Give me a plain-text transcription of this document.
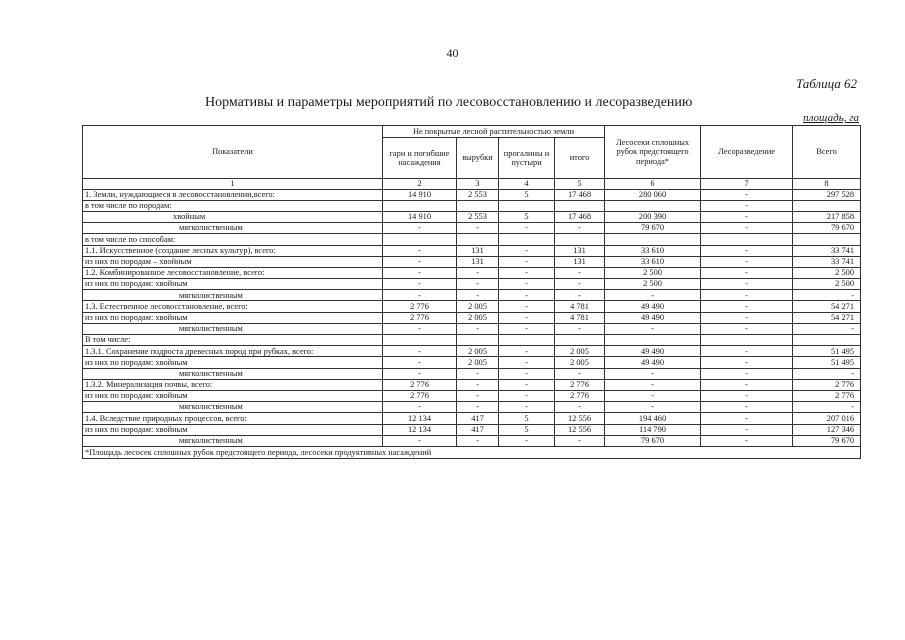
40
Таблица 62
Нормативы и параметры мероприятий по лесовосстановлению и лесоразведению
площадь, га
Показатели	Не покрытые лесной растительностью земли				Лесосеки сплошных рубок предстоящего периода*	Лесоразведение	Всего
	гари и погибшие насаждения	вырубки	прогалины и пустыри	итого			
1	2	3	4	5	6	7	8
1. Земли, нуждающиеся в лесовосстановлении,всего:	14 910	2 553	5	17 468	280 060	-	297 528
в том числе по породам:						-	
хвойным	14 910	2 553	5	17 468	200 390	-	217 858
мягколиственным	-	-	-	-	79 670	-	79 670
в том числе по способам:							
1.1. Искусственное (создание лесных культур), всего:	-	131	-	131	33 610	-	33 741
из них по породам – хвойным	-	131	-	131	33 610	-	33 741
1.2. Комбинированное лесовосстановление, всего:	-	-	-	-	2 500	-	2 500
из них по породам: хвойным	-	-	-	-	2 500	-	2 500
мягколиственным	-	-	-	-	-	-	-
1.3. Естественное лесовосстановление, всего:	2 776	2 005	-	4 781	49 490	-	54 271
из них по породам: хвойным	2 776	2 005	-	4 781	49 490	-	54 271
мягколиственным	-	-	-	-	-	-	-
В том числе:							
1.3.1. Сохранение подроста древесных пород при рубках, всего:	-	2 005	-	2 005	49 490	-	51 495
из них по породам: хвойным	-	2 005	-	2 005	49 490	-	51 495
мягколиственным	-	-	-	-	-	-	-
1.3.2. Минерализация почвы, всего:	2 776	-	-	2 776	-	-	2 776
из них по породам: хвойным	2 776	-	-	2 776	-	-	2 776
мягколиственным	-	-	-	-	-	-	-
1.4. Вследствие природных процессов, всего:	12 134	417	5	12 556	194 460	-	207 016
из них по породам: хвойным	12 134	417	5	12 556	114 790	-	127 346
мягколиственным	-	-	-	-	79 670	-	79 670
*Площадь лесосек сплошных рубок предстоящего периода, лесосеки продуктивных насаждений							
